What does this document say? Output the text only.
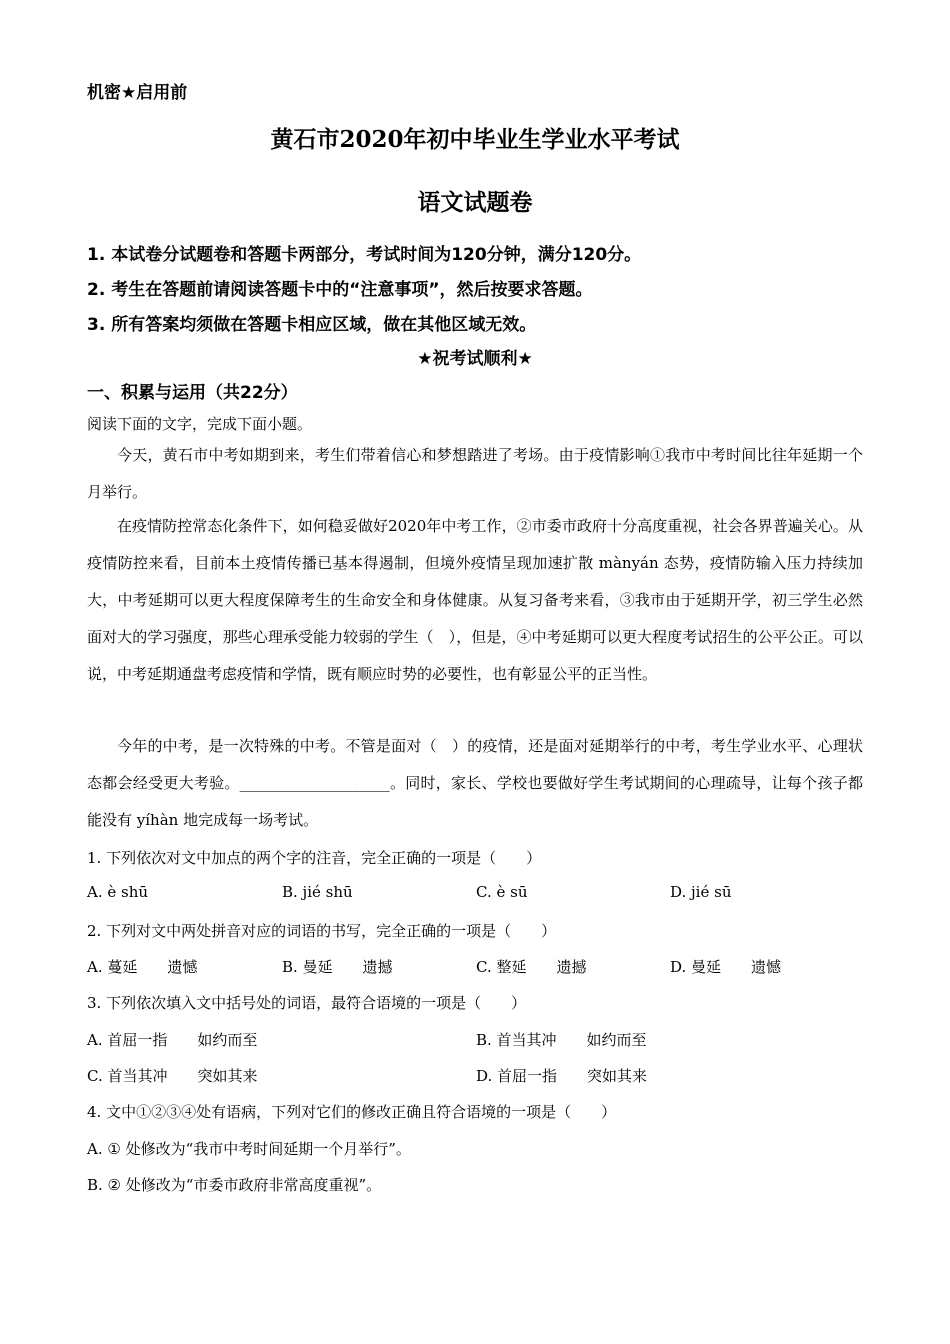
机密★启用前
黄石市2020年初中毕业生学业水平考试
语文试题卷
1. 本试卷分试题卷和答题卡两部分，考试时间为120分钟，满分120分。
2. 考生在答题前请阅读答题卡中的“注意事项”，然后按要求答题。
3. 所有答案均须做在答题卡相应区域，做在其他区域无效。
★祝考试顺利★
一、积累与运用（共22分）
阅读下面的文字，完成下面小题。

今天，黄石市中考如期到来，考生们带着信心和梦想踏进了考场。由于疫情影响①我市中考时间比往年延期一个月举行。

在疫情防控常态化条件下，如何稳妥做好2020年中考工作，②市委市政府十分高度重视，社会各界普遍关心。从疫情防控来看，目前本土疫情传播已基本得遏制，但境外疫情呈现加速扩散 mànyán 态势，疫情防输入压力持续加大，中考延期可以更大程度保障考生的生命安全和身体健康。从复习备考来看，③我市由于延期开学，初三学生必然面对大的学习强度，那些心理承受能力较弱的学生（　），但是，④中考延期可以更大程度考试招生的公平公正。可以说，中考延期通盘考虑疫情和学情，既有顺应时势的必要性，也有彰显公平的正当性。

今年的中考，是一次特殊的中考。不管是面对（　）的疫情，还是面对延期举行的中考，考生学业水平、心理状态都会经受更大考验。____________________。同时，家长、学校也要做好学生考试期间的心理疏导，让每个孩子都能没有 yíhàn 地完成每一场考试。

1. 下列依次对文中加点的两个字的注音，完全正确的一项是（　　）
A. è shū	B. jié shū	C. è sū	D. jié sū
2. 下列对文中两处拼音对应的词语的书写，完全正确的一项是（　　）
A. 蔓延　　遗憾	B. 曼延　　遗撼	C. 整延　　遗撼	D. 曼延　　遗憾
3. 下列依次填入文中括号处的词语，最符合语境的一项是（　　）
A. 首屈一指　　如约而至	B. 首当其冲　　如约而至
C. 首当其冲　　突如其来	D. 首屈一指　　突如其来
4. 文中①②③④处有语病，下列对它们的修改正确且符合语境的一项是（　　）
A. ① 处修改为“我市中考时间延期一个月举行”。
B. ② 处修改为“市委市政府非常高度重视”。
